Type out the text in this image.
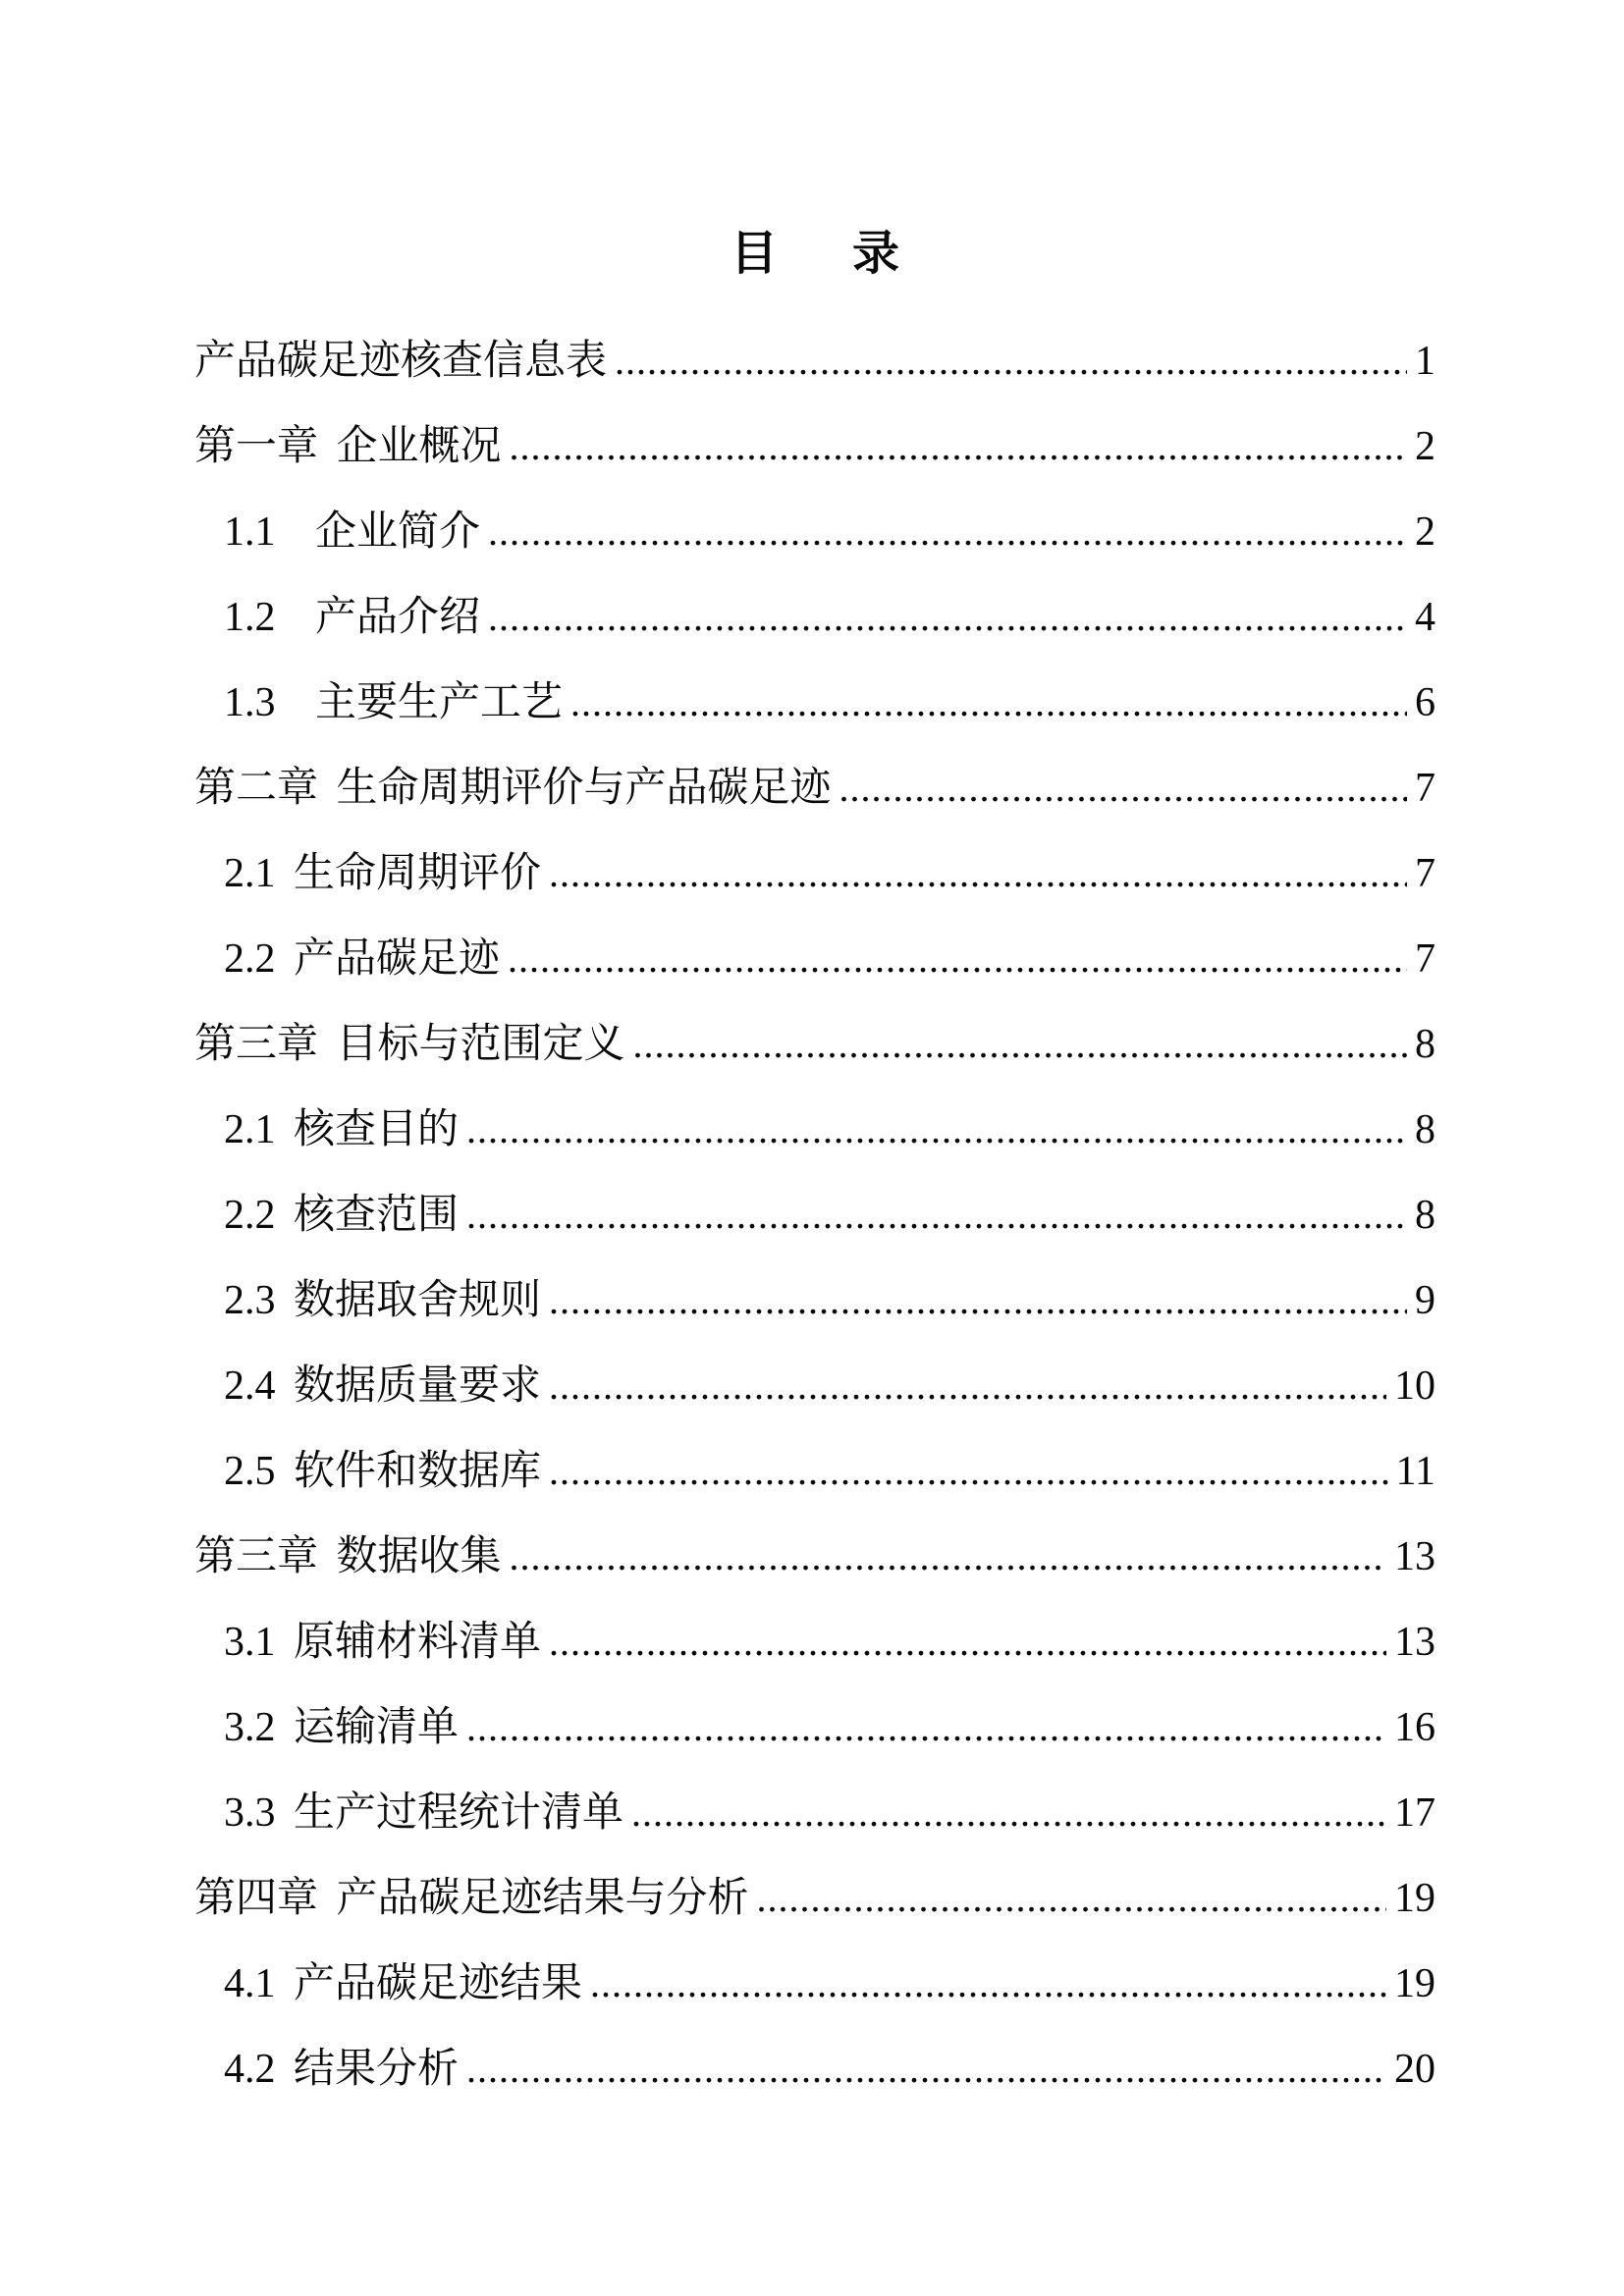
目  录
产品碳足迹核查信息表 .....	1
第一章 企业概况 .....	2
1.1 企业简介 .....	2
1.2 产品介绍 .....	4
1.3 主要生产工艺 .....	6
第二章 生命周期评价与产品碳足迹 .....	7
2.1 生命周期评价 .....	7
2.2 产品碳足迹 .....	7
第三章 目标与范围定义 .....	8
2.1 核查目的 .....	8
2.2 核查范围 .....	8
2.3 数据取舍规则 .....	9
2.4 数据质量要求 .....	10
2.5 软件和数据库 .....	11
第三章 数据收集 .....	13
3.1 原辅材料清单 .....	13
3.2 运输清单 .....	16
3.3 生产过程统计清单 .....	17
第四章 产品碳足迹结果与分析 .....	19
4.1 产品碳足迹结果 .....	19
4.2 结果分析 .....	20
